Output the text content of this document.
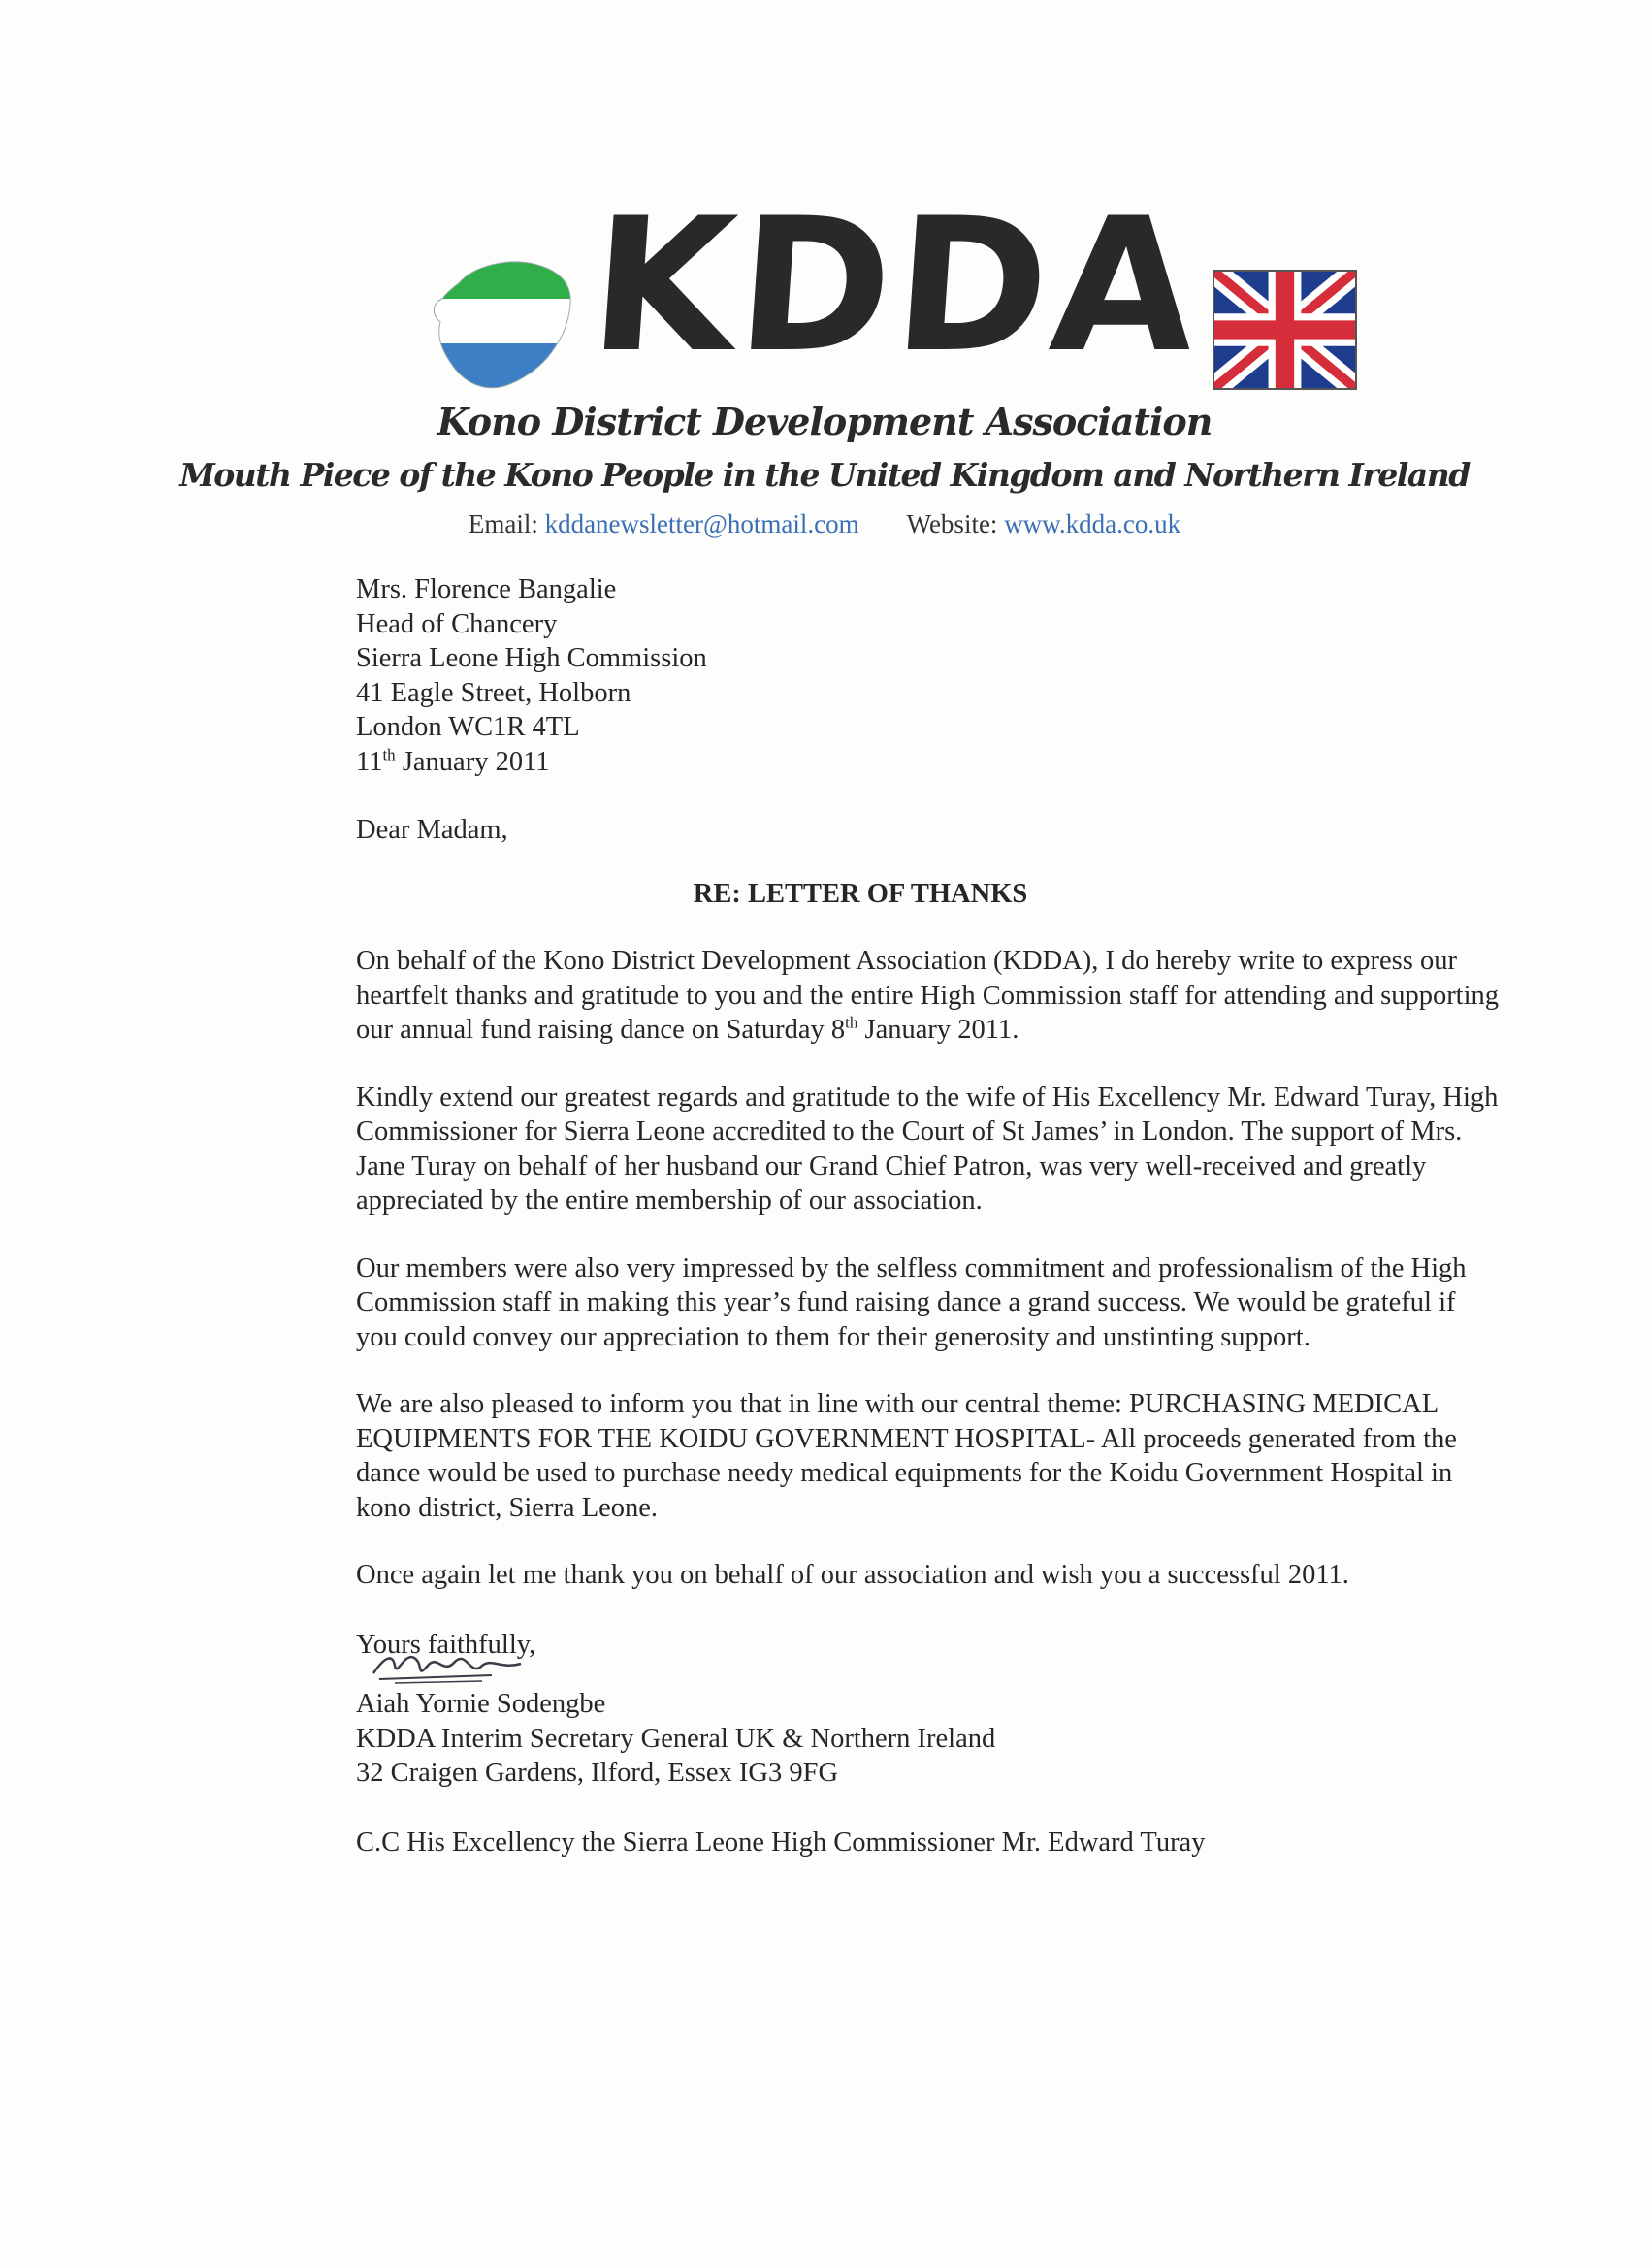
KDDA
Kono District Development Association
Mouth Piece of the Kono People in the United Kingdom and Northern Ireland
Email: kddanewsletter@hotmail.com Website: www.kdda.co.uk
Mrs. Florence Bangalie
Head of Chancery
Sierra Leone High Commission
41 Eagle Street, Holborn
London WC1R 4TL
11th January 2011
Dear Madam,
RE: LETTER OF THANKS
On behalf of the Kono District Development Association (KDDA), I do hereby write to express our heartfelt thanks and gratitude to you and the entire High Commission staff for attending and supporting our annual fund raising dance on Saturday 8th January 2011.
Kindly extend our greatest regards and gratitude to the wife of His Excellency Mr. Edward Turay, High Commissioner for Sierra Leone accredited to the Court of St James’ in London. The support of Mrs. Jane Turay on behalf of her husband our Grand Chief Patron, was very well-received and greatly appreciated by the entire membership of our association.
Our members were also very impressed by the selfless commitment and professionalism of the High Commission staff in making this year’s fund raising dance a grand success. We would be grateful if you could convey our appreciation to them for their generosity and unstinting support.
We are also pleased to inform you that in line with our central theme: PURCHASING MEDICAL EQUIPMENTS FOR THE KOIDU GOVERNMENT HOSPITAL- All proceeds generated from the dance would be used to purchase needy medical equipments for the Koidu Government Hospital in kono district, Sierra Leone.
Once again let me thank you on behalf of our association and wish you a successful 2011.
Yours faithfully,
Aiah Yornie Sodengbe
KDDA Interim Secretary General UK & Northern Ireland
32 Craigen Gardens, Ilford, Essex IG3 9FG
C.C His Excellency the Sierra Leone High Commissioner Mr. Edward Turay
